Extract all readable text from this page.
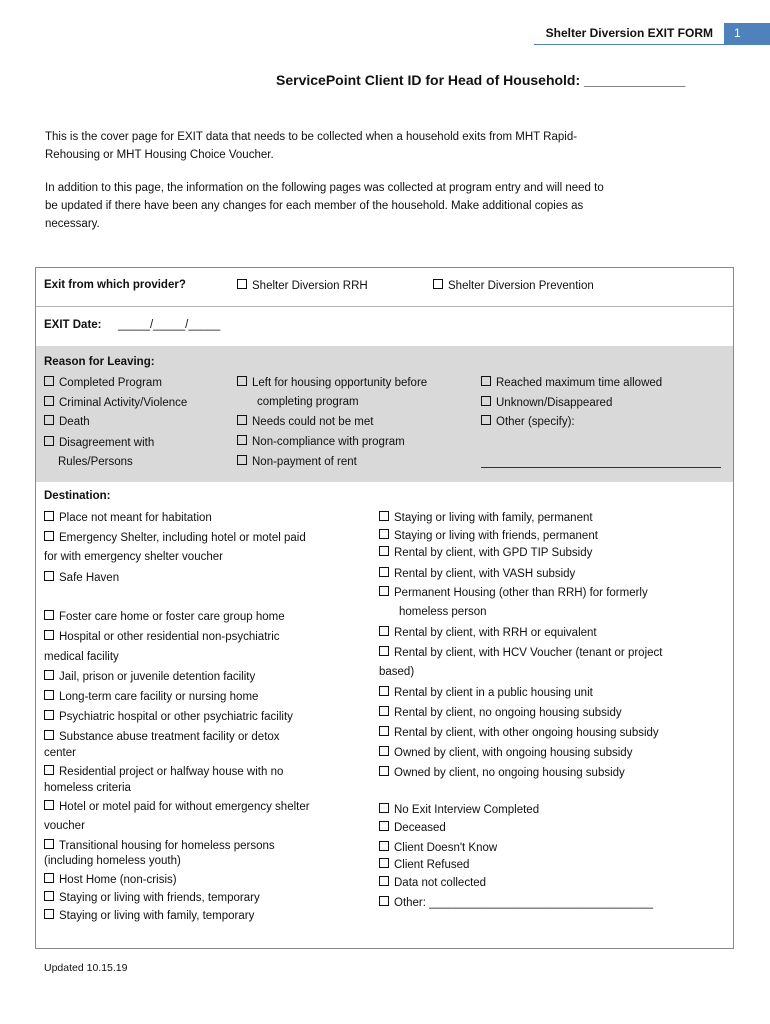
Shelter Diversion EXIT FORM	1
ServicePoint Client ID for Head of Household: _____________
This is the cover page for EXIT data that needs to be collected when a household exits from MHT Rapid-
Rehousing or MHT Housing Choice Voucher.
In addition to this page, the information on the following pages was collected at program entry and will need to
be updated if there have been any changes for each member of the household. Make additional copies as
necessary.
Exit from which provider?	Shelter Diversion RRH	Shelter Diversion Prevention
EXIT Date: _____/_____/_____
Reason for Leaving:
Completed Program
Criminal Activity/Violence
Death
Disagreement with
Rules/Persons
Left for housing opportunity before
completing program
Needs could not be met
Non-compliance with program
Non-payment of rent
Reached maximum time allowed
Unknown/Disappeared
Other (specify):
Destination:
Place not meant for habitation
Emergency Shelter, including hotel or motel paid
for with emergency shelter voucher
Safe Haven
Foster care home or foster care group home
Hospital or other residential non-psychiatric
medical facility
Jail, prison or juvenile detention facility
Long-term care facility or nursing home
Psychiatric hospital or other psychiatric facility
Substance abuse treatment facility or detox
center
Residential project or halfway house with no
homeless criteria
Hotel or motel paid for without emergency shelter
voucher
Transitional housing for homeless persons
(including homeless youth)
Host Home (non-crisis)
Staying or living with friends, temporary
Staying or living with family, temporary
Staying or living with family, permanent
Staying or living with friends, permanent
Rental by client, with GPD TIP Subsidy
Rental by client, with VASH subsidy
Permanent Housing (other than RRH) for formerly
homeless person
Rental by client, with RRH or equivalent
Rental by client, with HCV Voucher (tenant or project
based)
Rental by client in a public housing unit
Rental by client, no ongoing housing subsidy
Rental by client, with other ongoing housing subsidy
Owned by client, with ongoing housing subsidy
Owned by client, no ongoing housing subsidy
No Exit Interview Completed
Deceased
Client Doesn't Know
Client Refused
Data not collected
Other: ___________________________________
Updated 10.15.19
